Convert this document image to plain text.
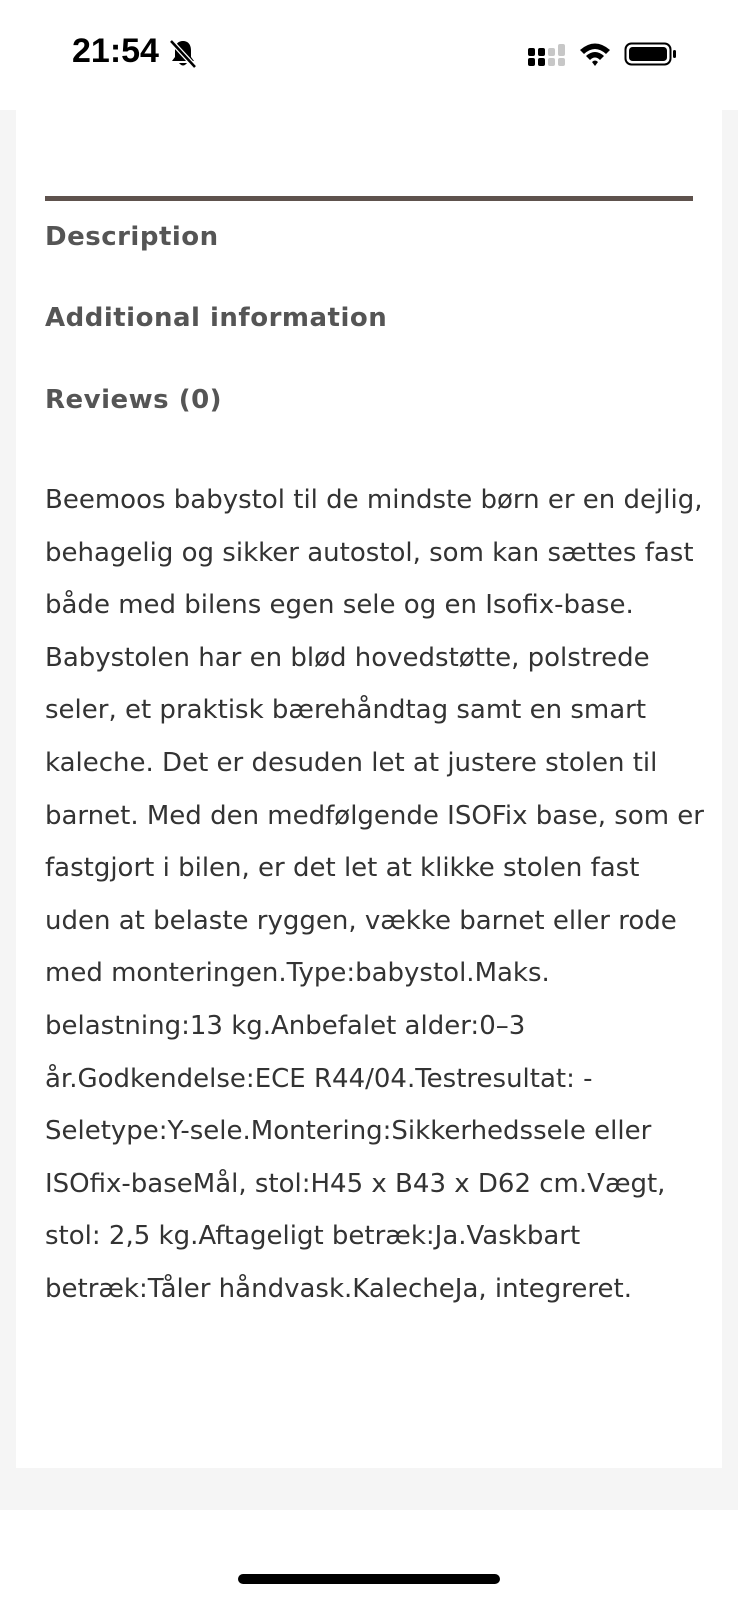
21:54
Description
Additional information
Reviews (0)
Beemoos babystol til de mindste børn er en dejlig, behagelig og sikker autostol, som kan sættes fast både med bilens egen sele og en Isofix-base. Babystolen har en blød hovedstøtte, polstrede seler, et praktisk bærehåndtag samt en smart kaleche. Det er desuden let at justere stolen til barnet. Med den medfølgende ISOFix base, som er fastgjort i bilen, er det let at klikke stolen fast uden at belaste ryggen, vække barnet eller rode med monteringen.Type:babystol.Maks. belastning:13 kg.Anbefalet alder:0–3 år.Godkendelse:ECE R44/04.Testresultat: -Seletype:Y-sele.Montering:Sikkerhedssele eller ISOfix-baseMål, stol:H45 x B43 x D62 cm.Vægt, stol: 2,5 kg.Aftageligt betræk:Ja.Vaskbart betræk:Tåler håndvask.KalecheJa, integreret.
